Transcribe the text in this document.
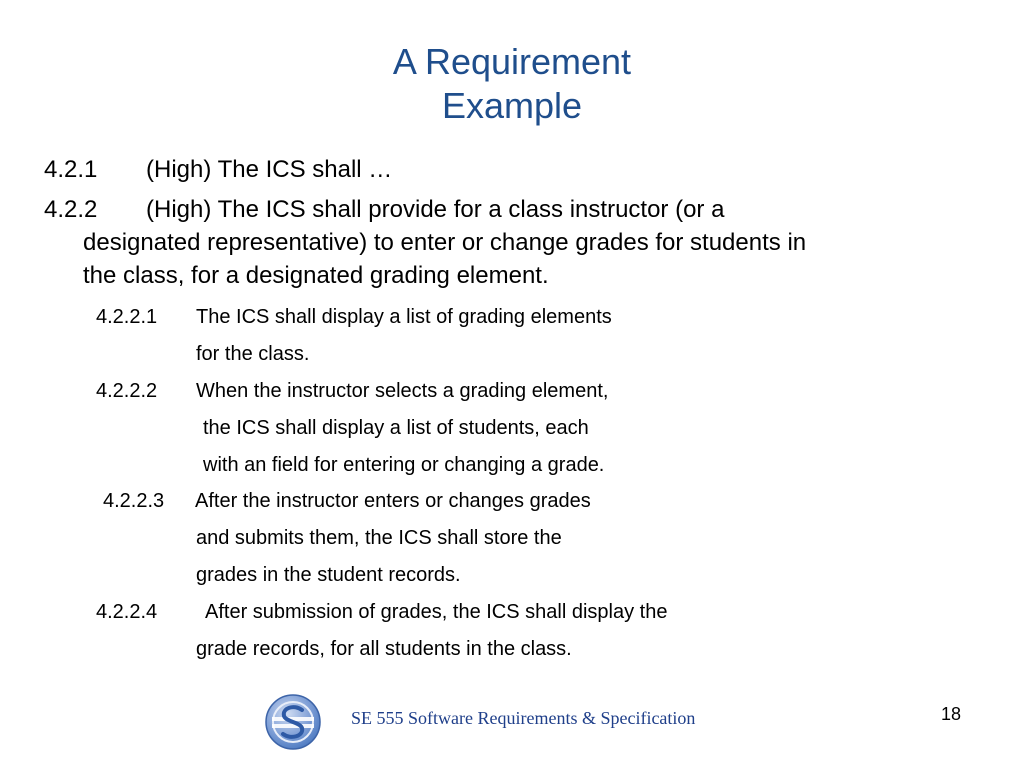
A Requirement
Example
4.2.1 (High) The ICS shall …
4.2.2 (High) The ICS shall provide for a class instructor (or a
designated representative) to enter or change grades for students in
the class, for a designated grading element.
4.2.2.1 The ICS shall display a list of grading elements
for the class.
4.2.2.2 When the instructor selects a grading element,
the ICS shall display a list of students, each
with an field for entering or changing a grade.
4.2.2.3 After the instructor enters or changes grades
and submits them, the ICS shall store the
grades in the student records.
4.2.2.4 After submission of grades, the ICS shall display the
grade records, for all students in the class.
SE 555 Software Requirements & Specification	18
